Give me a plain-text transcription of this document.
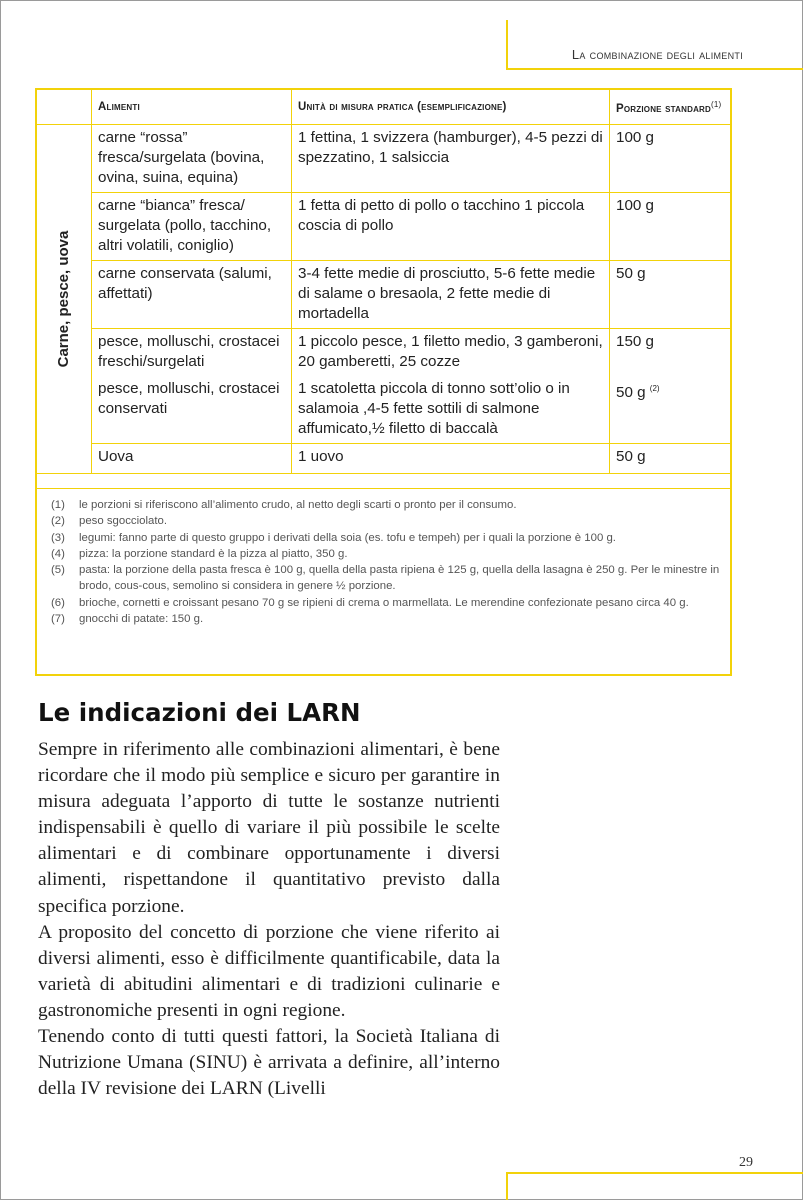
La combinazione degli alimenti
	Alimenti	Unità di misura pratica (esemplificazione)	Porzione standard$^{(1)}$

Carne, pesce, uova	carne “rossa” fresca/surgelata (bovina, ovina, suina, equina)	1 fettina, 1 svizzera (hamburger), 4-5 pezzi di spezzatino, 1 salsiccia	100 g
	carne “bianca” fresca/ surgelata (pollo, tacchino, altri volatili, coniglio)	1 fetta di petto di pollo o tacchino 1 piccola coscia di pollo	100 g
	carne conservata (salumi, affettati)	3-4 fette medie di prosciutto, 5-6 fette medie di salame o bresaola, 2 fette medie di mortadella	50 g
	pesce, molluschi, crostacei freschi/surgelati	1 piccolo pesce, 1 filetto medio, 3 gamberoni, 20 gamberetti, 25 cozze	150 g
	pesce, molluschi, crostacei conservati	1 scatoletta piccola di tonno sott’olio o in salamoia ,4-5 fette sottili di salmone affumicato,½ filetto di baccalà	50 g $^{(2)}$
	Uova	1 uovo	50 g
(1)	le porzioni si riferiscono all’alimento crudo, al netto degli scarti o pronto per il consumo.
(2)	peso sgocciolato.
(3)	legumi: fanno parte di questo gruppo i derivati della soia (es. tofu e tempeh) per i quali la porzione è 100 g.
(4)	pizza: la porzione standard è la pizza al piatto, 350 g.
(5)	pasta: la porzione della pasta fresca è 100 g, quella della pasta ripiena è 125 g, quella della lasagna è 250 g. Per le minestre in brodo, cous-cous, semolino si considera in genere ½ porzione.
(6)	brioche, cornetti e croissant pesano 70 g se ripieni di crema o marmellata. Le merendine confezionate pesano circa 40 g.
(7)	gnocchi di patate: 150 g.
Le indicazioni dei LARN

Sempre in riferimento alle combinazioni alimentari, è bene ricordare che il modo più semplice e sicuro per garantire in misura adeguata l’apporto di tutte le sostanze nutrienti indispensabili è quello di variare il più possibile le scelte alimentari e di combinare opportunamente i diversi alimenti, rispettandone il quantitativo previsto dalla specifica porzione.

A proposito del concetto di porzione che viene riferito ai diversi alimenti, esso è difficilmente quantificabile, data la varietà di abitudini alimentari e di tradizioni culinarie e gastronomiche presenti in ogni regione.

Tenendo conto di tutti questi fattori, la Società Italiana di Nutrizione Umana (SINU) è arrivata a definire, all’interno della IV revisione dei LARN (Livelli

29
